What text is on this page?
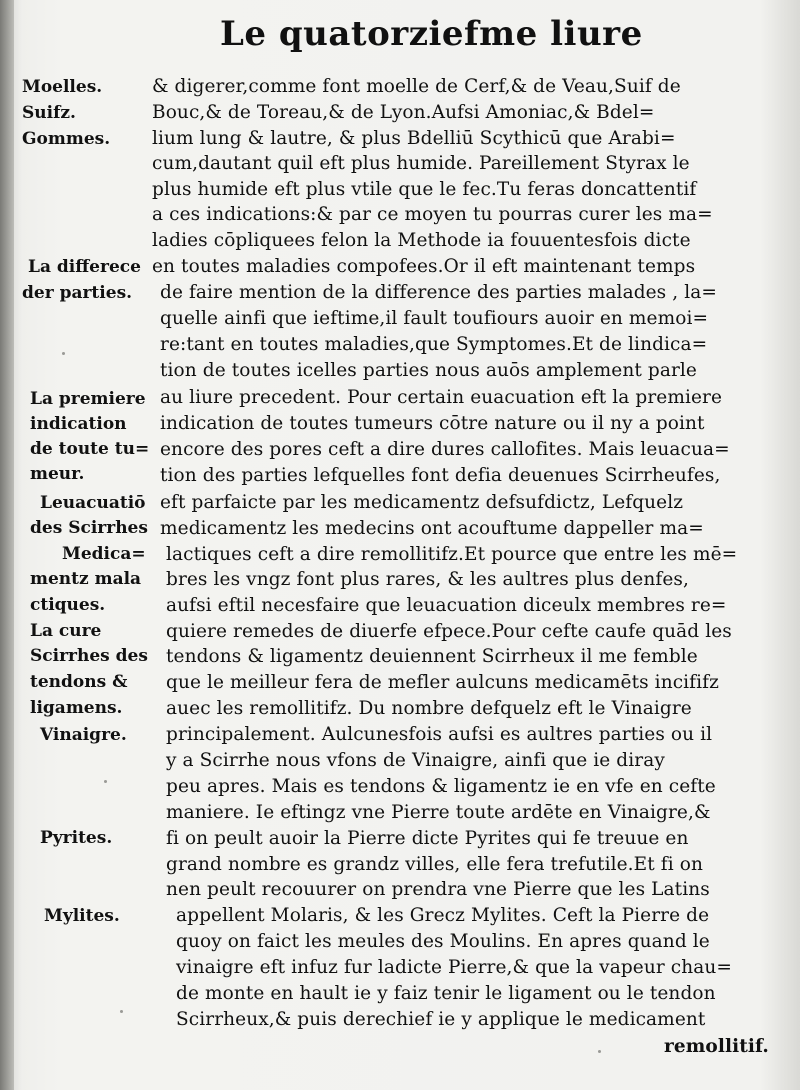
Le quatorziefme liure
Moelles.
Suifz.
Gommes.
La differece
der parties.
La premiere
indication
de toute tu=
meur.
Leuacuatiō
des Scirrhes
Medica=
mentz mala
ctiques.
La cure
Scirrhes des
tendons &
ligamens.
Vinaigre.
Pyrites.
Mylites.
& digerer,comme font moelle de Cerf,& de Veau,Suif de
Bouc,& de Toreau,& de Lyon.Aufsi Amoniac,& Bdel=
lium lung & lautre, & plus Bdelliū Scythicū que Arabi=
cum,dautant quil eft plus humide. Pareillement Styrax le
plus humide eft plus vtile que le fec.Tu feras doncattentif
a ces indications:& par ce moyen tu pourras curer les ma=
ladies cōpliquees felon la Methode ia fouuentesfois dicte
en toutes maladies compofees.Or il eft maintenant temps
de faire mention de la difference des parties malades , la=
quelle ainfi que ieftime,il fault toufiours auoir en memoi=
re:tant en toutes maladies,que Symptomes.Et de lindica=
tion de toutes icelles parties nous auōs amplement parle
au liure precedent. Pour certain euacuation eft la premiere
indication de toutes tumeurs cōtre nature ou il ny a point
encore des pores ceft a dire dures callofites. Mais leuacua=
tion des parties lefquelles font defia deuenues Scirrheufes,
eft parfaicte par les medicamentz defsufdictz, Lefquelz
medicamentz les medecins ont acouftume dappeller ma=
lactiques ceft a dire remollitifz.Et pource que entre les mē=
bres les vngz font plus rares, & les aultres plus denfes,
aufsi eftil necesfaire que leuacuation diceulx membres re=
quiere remedes de diuerfe efpece.Pour cefte caufe quād les
tendons & ligamentz deuiennent Scirrheux il me femble
que le meilleur fera de mefler aulcuns medicamēts incififz
auec les remollitifz. Du nombre defquelz eft le Vinaigre
principalement. Aulcunesfois aufsi es aultres parties ou il
y a Scirrhe nous vfons de Vinaigre, ainfi que ie diray
peu apres. Mais es tendons & ligamentz ie en vfe en cefte
maniere. Ie eftingz vne Pierre toute ardēte en Vinaigre,&
fi on peult auoir la Pierre dicte Pyrites qui fe treuue en
grand nombre es grandz villes, elle fera trefutile.Et fi on
nen peult recouurer on prendra vne Pierre que les Latins
appellent Molaris, & les Grecz Mylites. Ceft la Pierre de
quoy on faict les meules des Moulins. En apres quand le
vinaigre eft infuz fur ladicte Pierre,& que la vapeur chau=
de monte en hault ie y faiz tenir le ligament ou le tendon
Scirrheux,& puis derechief ie y applique le medicament
remollitif.
